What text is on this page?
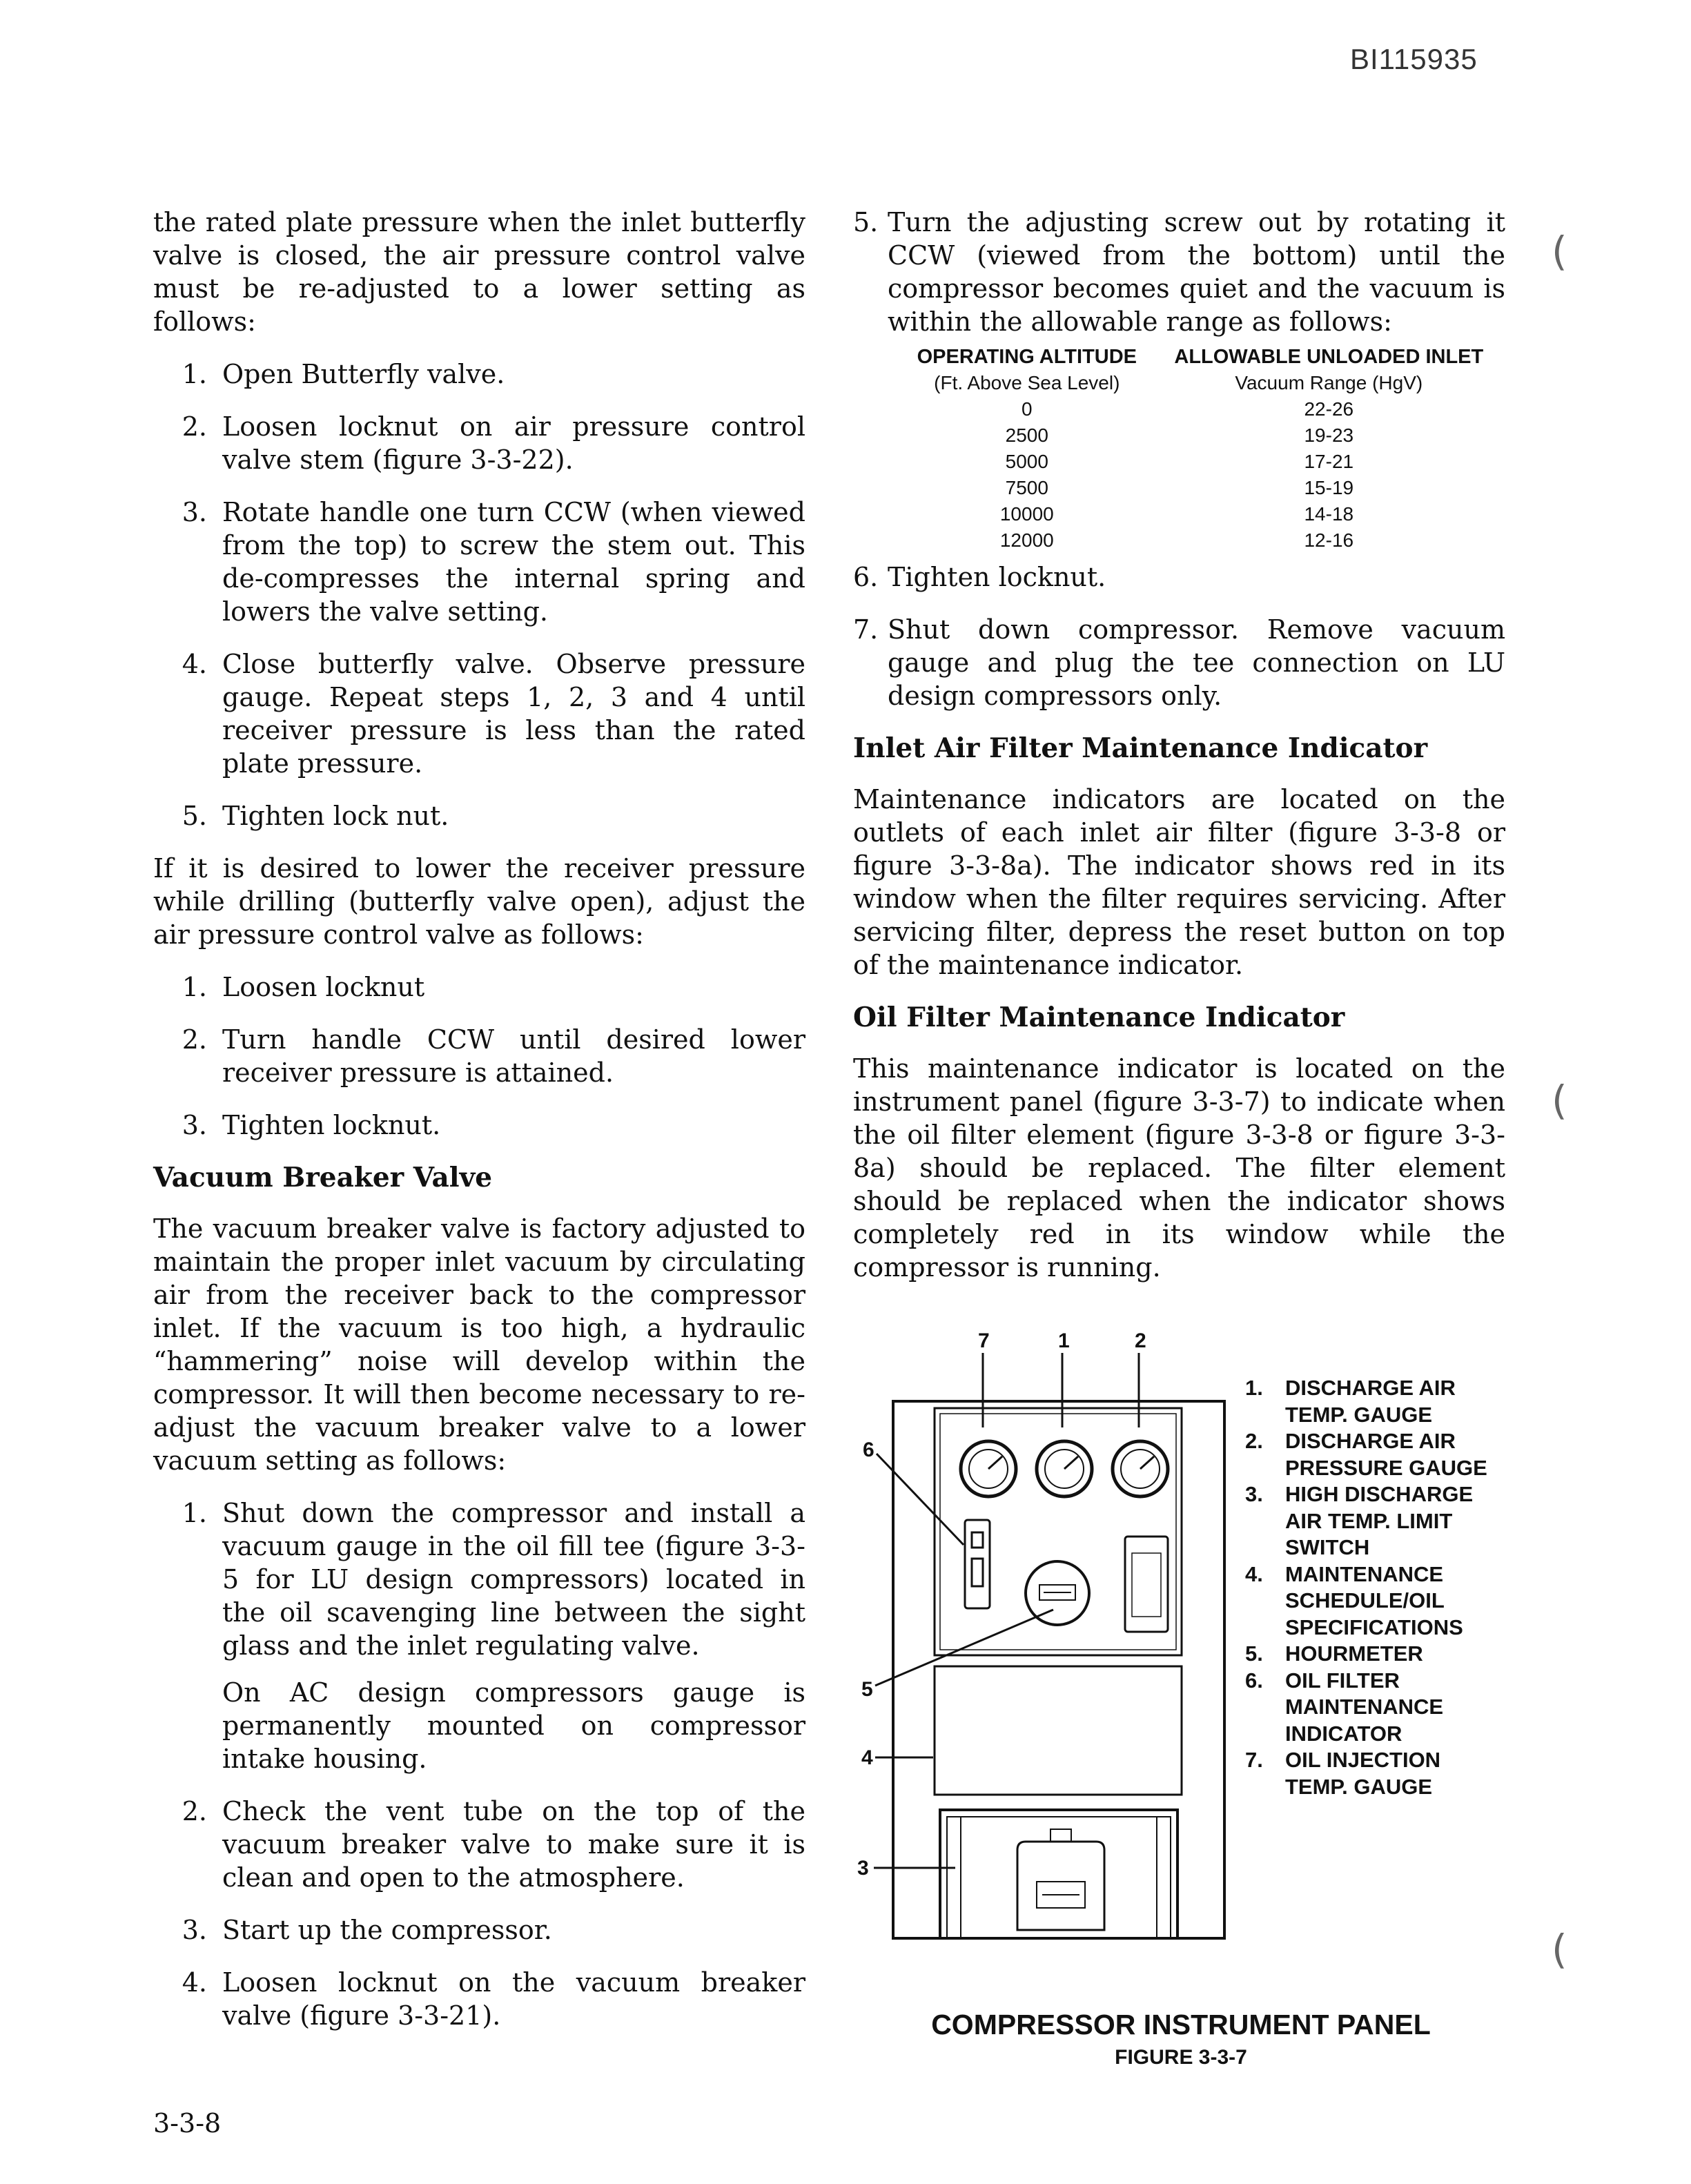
BI115935

the rated plate pressure when the inlet butterfly valve is closed, the air pressure control valve must be re-adjusted to a lower setting as follows:

1. Open Butterfly valve.
2. Loosen locknut on air pressure control valve stem (figure 3-3-22).
3. Rotate handle one turn CCW (when viewed from the top) to screw the stem out. This de-compresses the internal spring and lowers the valve setting.
4. Close butterfly valve. Observe pressure gauge. Repeat steps 1, 2, 3 and 4 until receiver pressure is less than the rated plate pressure.
5. Tighten lock nut.

If it is desired to lower the receiver pressure while drilling (butterfly valve open), adjust the air pressure control valve as follows:

1. Loosen locknut
2. Turn handle CCW until desired lower receiver pressure is attained.
3. Tighten locknut.
Vacuum Breaker Valve

The vacuum breaker valve is factory adjusted to maintain the proper inlet vacuum by circulating air from the receiver back to the compressor inlet. If the vacuum is too high, a hydraulic “hammering” noise will develop within the compressor. It will then become necessary to re-adjust the vacuum breaker valve to a lower vacuum setting as follows:

1. Shut down the compressor and install a vacuum gauge in the oil fill tee (figure 3-3-5 for LU design compressors) located in the oil scavenging line between the sight glass and the inlet regulating valve.
On AC design compressors gauge is permanently mounted on compressor intake housing.
2. Check the vent tube on the top of the vacuum breaker valve to make sure it is clean and open to the atmosphere.
3. Start up the compressor.
4. Loosen locknut on the vacuum breaker valve (figure 3-3-21).
5. Turn the adjusting screw out by rotating it CCW (viewed from the bottom) until the compressor becomes quiet and the vacuum is within the allowable range as follows:
OPERATING ALTITUDE	ALLOWABLE UNLOADED INLET
(Ft. Above Sea Level)	Vacuum Range (HgV)
0	22-26
2500	19-23
5000	17-21
7500	15-19
10000	14-18
12000	12-16
6. Tighten locknut.
7. Shut down compressor. Remove vacuum gauge and plug the tee connection on LU design compressors only.
Inlet Air Filter Maintenance Indicator

Maintenance indicators are located on the outlets of each inlet air filter (figure 3-3-8 or figure 3-3-8a). The indicator shows red in its window when the filter requires servicing. After servicing filter, depress the reset button on top of the maintenance indicator.

Oil Filter Maintenance Indicator

This maintenance indicator is located on the instrument panel (figure 3-3-7) to indicate when the oil filter element (figure 3-3-8 or figure 3-3-8a) should be replaced. The filter element should be replaced when the indicator shows completely red in its window while the compressor is running.

7	1	2
6
5
4
3
1.	DISCHARGE AIR TEMP. GAUGE
2.	DISCHARGE AIR PRESSURE GAUGE
3.	HIGH DISCHARGE AIR TEMP. LIMIT SWITCH
4.	MAINTENANCE SCHEDULE/OIL SPECIFICATIONS
5.	HOURMETER
6.	OIL FILTER MAINTENANCE INDICATOR
7.	OIL INJECTION TEMP. GAUGE
COMPRESSOR INSTRUMENT PANEL
FIGURE 3-3-7
3-3-8
(
(
(
